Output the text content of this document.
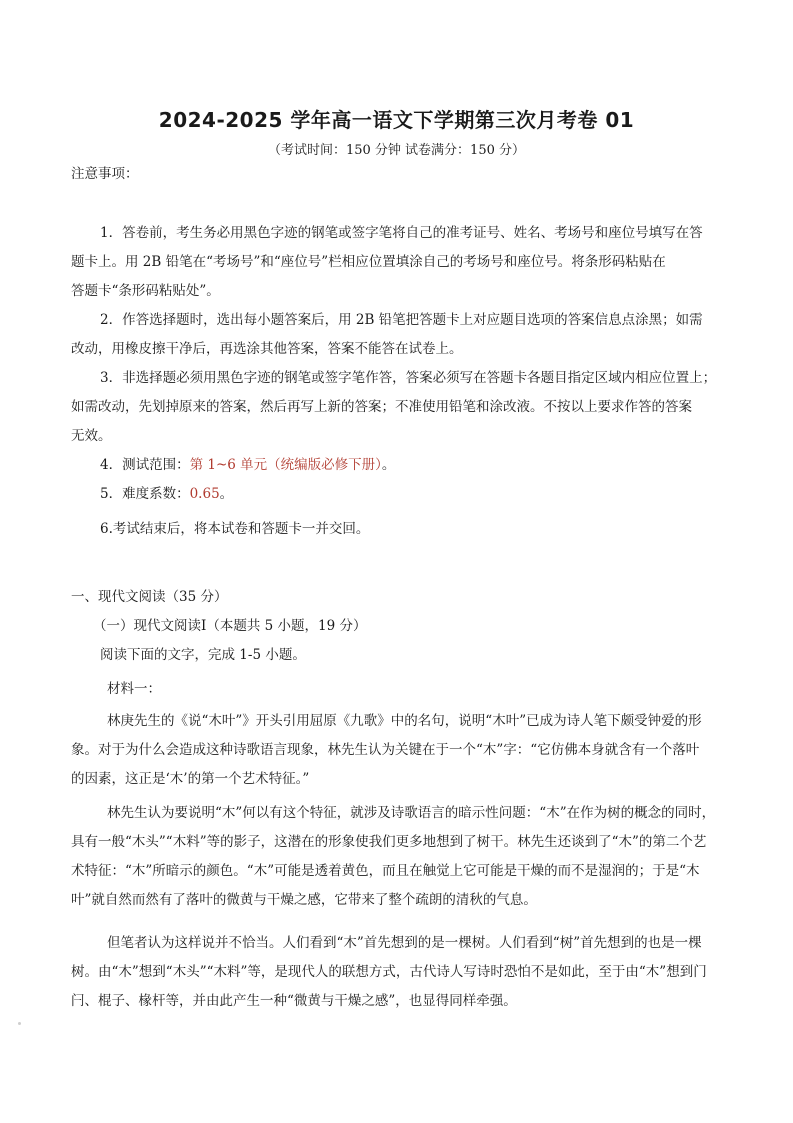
2024-2025 学年高一语文下学期第三次月考卷 01
（考试时间：150 分钟 试卷满分：150 分）
注意事项：
1．答卷前，考生务必用黑色字迹的钢笔或签字笔将自己的准考证号、姓名、考场号和座位号填写在答
题卡上。用 2B 铅笔在“考场号”和“座位号”栏相应位置填涂自己的考场号和座位号。将条形码粘贴在
答题卡“条形码粘贴处”。
2．作答选择题时，选出每小题答案后，用 2B 铅笔把答题卡上对应题目选项的答案信息点涂黑；如需
改动，用橡皮擦干净后，再选涂其他答案，答案不能答在试卷上。
3．非选择题必须用黑色字迹的钢笔或签字笔作答，答案必须写在答题卡各题目指定区域内相应位置上；
如需改动，先划掉原来的答案，然后再写上新的答案；不准使用铅笔和涂改液。不按以上要求作答的答案
无效。
4．测试范围：第 1~6 单元（统编版必修下册）。
5．难度系数：0.65。
6.考试结束后，将本试卷和答题卡一并交回。
一、现代文阅读（35 分）
（一）现代文阅读Ⅰ（本题共 5 小题，19 分）
阅读下面的文字，完成 1-5 小题。
材料一：
林庚先生的《说“木叶”》开头引用屈原《九歌》中的名句，说明“木叶”已成为诗人笔下颇受钟爱的形
象。对于为什么会造成这种诗歌语言现象，林先生认为关键在于一个“木”字：“它仿佛本身就含有一个落叶
的因素，这正是‘木’的第一个艺术特征。”
林先生认为要说明“木”何以有这个特征，就涉及诗歌语言的暗示性问题：“木”在作为树的概念的同时，
具有一般“木头”“木料”等的影子，这潜在的形象使我们更多地想到了树干。林先生还谈到了“木”的第二个艺
术特征：“木”所暗示的颜色。“木”可能是透着黄色，而且在触觉上它可能是干燥的而不是湿润的；于是“木
叶”就自然而然有了落叶的微黄与干燥之感，它带来了整个疏朗的清秋的气息。
但笔者认为这样说并不恰当。人们看到“木”首先想到的是一棵树。人们看到“树”首先想到的也是一棵
树。由“木”想到“木头”“木料”等，是现代人的联想方式，古代诗人写诗时恐怕不是如此，至于由“木”想到门
闩、棍子、椽杆等，并由此产生一种“微黄与干燥之感”，也显得同样牵强。
